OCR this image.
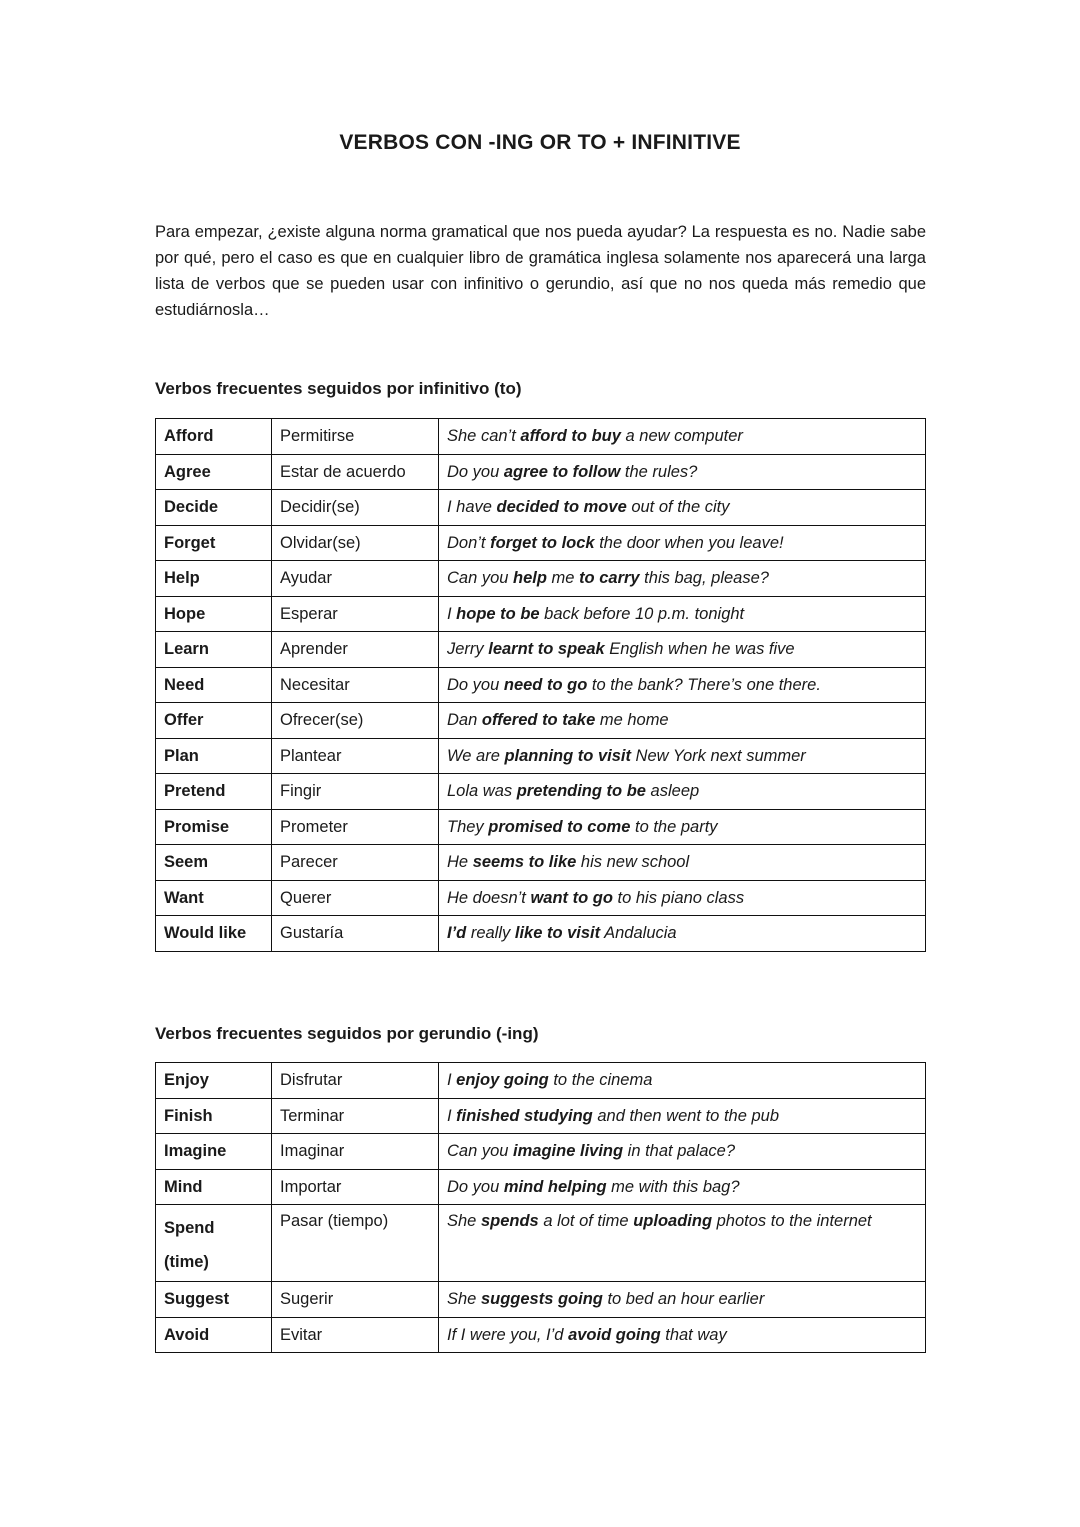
VERBOS CON -ING OR TO + INFINITIVE

Para empezar, ¿existe alguna norma gramatical que nos pueda ayudar? La respuesta es no. Nadie sabe por qué, pero el caso es que en cualquier libro de gramática inglesa solamente nos aparecerá una larga lista de verbos que se pueden usar con infinitivo o gerundio, así que no nos queda más remedio que estudiárnosla…

Verbos frecuentes seguidos por infinitivo (to)
Afford	Permitirse	She can’t afford to buy a new computer
Agree	Estar de acuerdo	Do you agree to follow the rules?
Decide	Decidir(se)	I have decided to move out of the city
Forget	Olvidar(se)	Don’t forget to lock the door when you leave!
Help	Ayudar	Can you help me to carry this bag, please?
Hope	Esperar	I hope to be back before 10 p.m. tonight
Learn	Aprender	Jerry learnt to speak English when he was five
Need	Necesitar	Do you need to go to the bank? There’s one there.
Offer	Ofrecer(se)	Dan offered to take me home
Plan	Plantear	We are planning to visit New York next summer
Pretend	Fingir	Lola was pretending to be asleep
Promise	Prometer	They promised to come to the party
Seem	Parecer	He seems to like his new school
Want	Querer	He doesn’t want to go to his piano class
Would like	Gustaría	I’d really like to visit Andalucia
Verbos frecuentes seguidos por gerundio (-ing)
Enjoy	Disfrutar	I enjoy going to the cinema
Finish	Terminar	I finished studying and then went to the pub
Imagine	Imaginar	Can you imagine living in that palace?
Mind	Importar	Do you mind helping me with this bag?
Spend (time)	Pasar (tiempo)	She spends a lot of time uploading photos to the internet
Suggest	Sugerir	She suggests going to bed an hour earlier
Avoid	Evitar	If I were you, I’d avoid going that way
